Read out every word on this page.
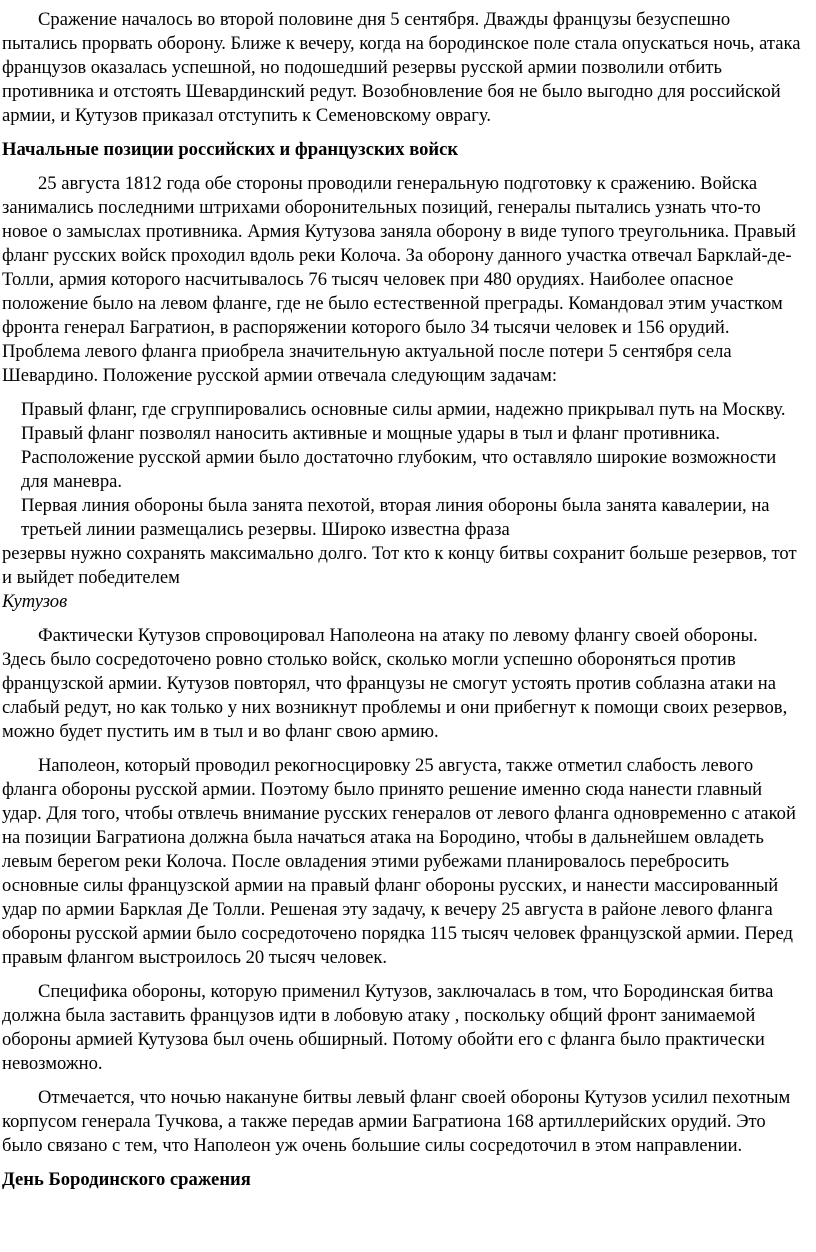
Сражение началось во второй половине дня 5 сентября. Дважды французы безуспешно пытались прорвать оборону. Ближе к вечеру, когда на бородинское поле стала опускаться ночь, атака французов оказалась успешной, но подошедший резервы русской армии позволили отбить противника и отстоять Шевардинский редут. Возобновление боя не было выгодно для российской армии, и Кутузов приказал отступить к Семеновскому оврагу.

Начальные позиции российских и французских войск

25 августа 1812 года обе стороны проводили генеральную подготовку к сражению. Войска занимались последними штрихами оборонительных позиций, генералы пытались узнать что-то новое о замыслах противника. Армия Кутузова заняла оборону в виде тупого треугольника. Правый фланг русских войск проходил вдоль реки Колоча. За оборону данного участка отвечал Барклай-де-Толли, армия которого насчитывалось 76 тысяч человек при 480 орудиях. Наиболее опасное положение было на левом фланге, где не было естественной преграды. Командовал этим участком фронта генерал Багратион, в распоряжении которого было 34 тысячи человек и 156 орудий. Проблема левого фланга приобрела значительную актуальной после потери 5 сентября села Шевардино. Положение русской армии отвечала следующим задачам:

Правый фланг, где сгруппировались основные силы армии, надежно прикрывал путь на Москву.

Правый фланг позволял наносить активные и мощные удары в тыл и фланг противника.

Расположение русской армии было достаточно глубоким, что оставляло широкие возможности для маневра.

Первая линия обороны была занята пехотой, вторая линия обороны была занята кавалерии, на третьей линии размещались резервы. Широко известна фраза

резервы нужно сохранять максимально долго. Тот кто к концу битвы сохранит больше резервов, тот и выйдет победителем

Кутузов

Фактически Кутузов спровоцировал Наполеона на атаку по левому флангу своей обороны. Здесь было сосредоточено ровно столько войск, сколько могли успешно обороняться против французской армии. Кутузов повторял, что французы не смогут устоять против соблазна атаки на слабый редут, но как только у них возникнут проблемы и они прибегнут к помощи своих резервов, можно будет пустить им в тыл и во фланг свою армию.

Наполеон, который проводил рекогносцировку 25 августа, также отметил слабость левого фланга обороны русской армии. Поэтому было принято решение именно сюда нанести главный удар. Для того, чтобы отвлечь внимание русских генералов от левого фланга одновременно с атакой на позиции Багратиона должна была начаться атака на Бородино, чтобы в дальнейшем овладеть левым берегом реки Колоча. После овладения этими рубежами планировалось перебросить основные силы французской армии на правый фланг обороны русских, и нанести массированный удар по армии Барклая Де Толли. Решеная эту задачу, к вечеру 25 августа в районе левого фланга обороны русской армии было сосредоточено порядка 115 тысяч человек французской армии. Перед правым флангом выстроилось 20 тысяч человек.

Специфика обороны, которую применил Кутузов, заключалась в том, что Бородинская битва должна была заставить французов идти в лобовую атаку , поскольку общий фронт занимаемой обороны армией Кутузова был очень обширный. Потому обойти его с фланга было практически невозможно.

Отмечается, что ночью накануне битвы левый фланг своей обороны Кутузов усилил пехотным корпусом генерала Тучкова, а также передав армии Багратиона 168 артиллерийских орудий. Это было связано с тем, что Наполеон уж очень большие силы сосредоточил в этом направлении.

День Бородинского сражения
